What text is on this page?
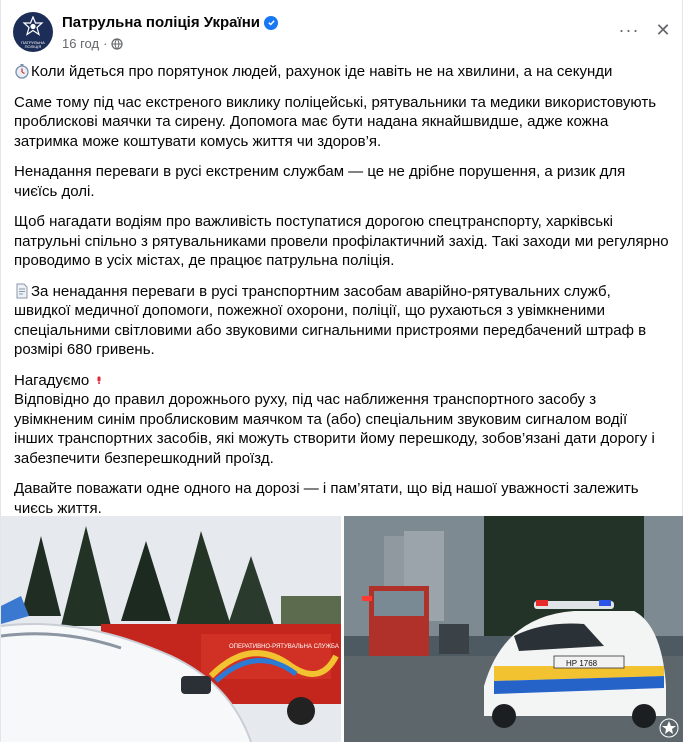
ПАТРУЛЬНА ПОЛІЦІЯ
Патрульна поліція України
16 год ·
··· ✕

Коли йдеться про порятунок людей, рахунок іде навіть не на хвилини, а на секунди

Саме тому під час екстреного виклику поліцейські, рятувальники та медики використовують проблискові маячки та сирену. Допомога має бути надана якнайшвидше, адже кожна затримка може коштувати комусь життя чи здоров’я.

Ненадання переваги в русі екстреним службам — це не дрібне порушення, а ризик для чиєїсь долі.

Щоб нагадати водіям про важливість поступатися дорогою спецтранспорту, харківські патрульні спільно з рятувальниками провели профілактичний захід. Такі заходи ми регулярно проводимо в усіх містах, де працює патрульна поліція.

За ненадання переваги в русі транспортним засобам аварійно-рятувальних служб, швидкої медичної допомоги, пожежної охорони, поліції, що рухаються з увімкненими спеціальними світловими або звуковими сигнальними пристроями передбачений штраф в розмірі 680 гривень.

Нагадуємо
Відповідно до правил дорожнього руху, під час наближення транспортного засобу з увімкненим синім проблисковим маячком та (або) спеціальним звуковим сигналом водії інших транспортних засобів, які можуть створити йому перешкоду, зобов’язані дати дорогу і забезпечити безперешкодний проїзд.

Давайте поважати одне одного на дорозі — і пам’ятати, що від нашої уважності залежить чиєсь життя.

ОПЕРАТИВНО-РЯТУВАЛЬНА СЛУЖБА
НР 1768
